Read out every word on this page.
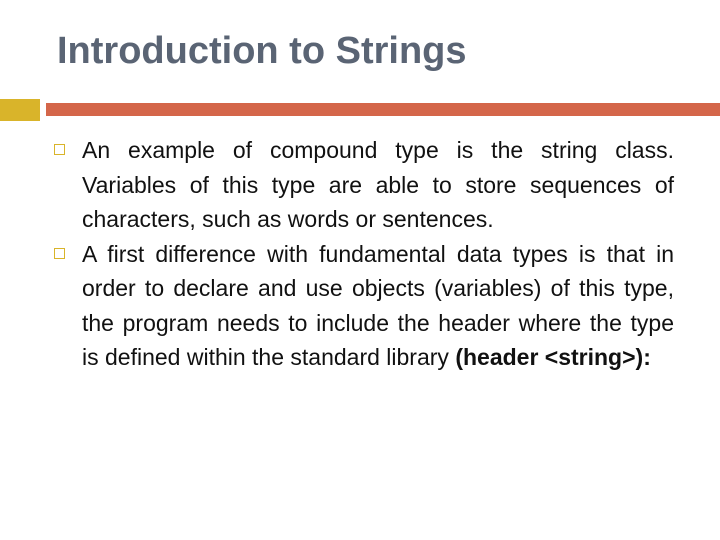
Introduction to Strings
An example of compound type is the string class. Variables of this type are able to store sequences of characters, such as words or sentences.
A first difference with fundamental data types is that in order to declare and use objects (variables) of this type, the program needs to include the header where the type is defined within the standard library (header <string>):
